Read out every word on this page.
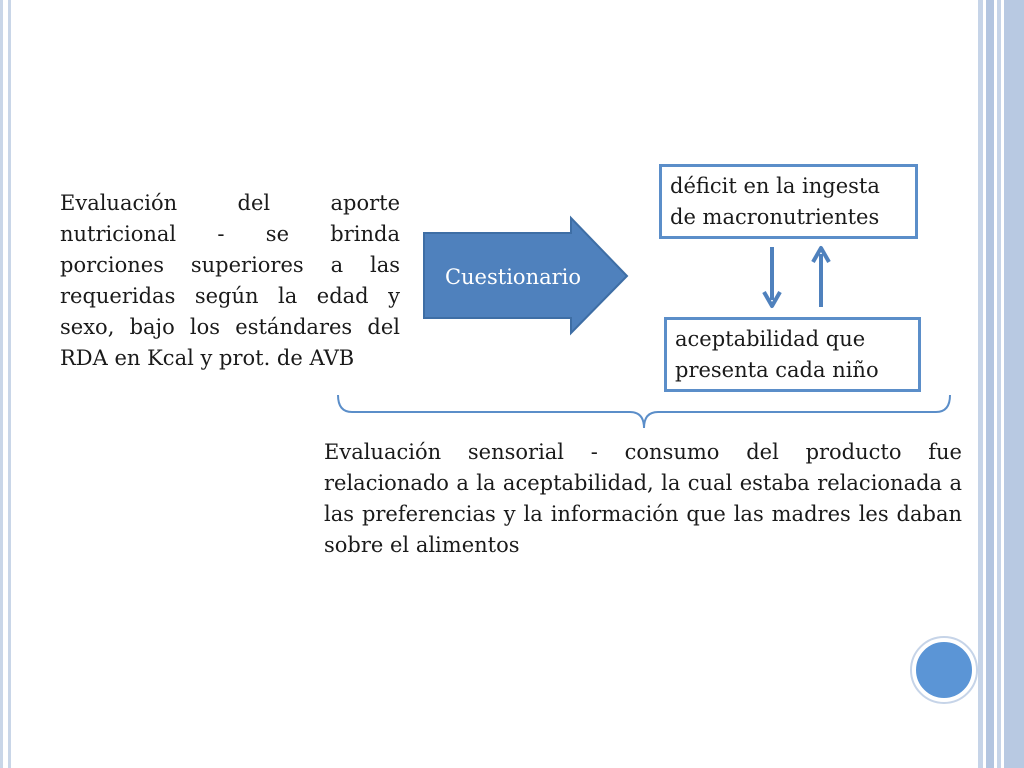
Evaluación del aporte nutricional - se brinda porciones superiores a las requeridas según la edad y sexo, bajo los estándares del RDA en Kcal y prot. de AVB
Cuestionario
déficit en la ingesta de macronutrientes
aceptabilidad que presenta cada niño
Evaluación sensorial - consumo del producto fue relacionado a la aceptabilidad, la cual estaba relacionada a las preferencias y la información que las madres les daban sobre el alimentos
